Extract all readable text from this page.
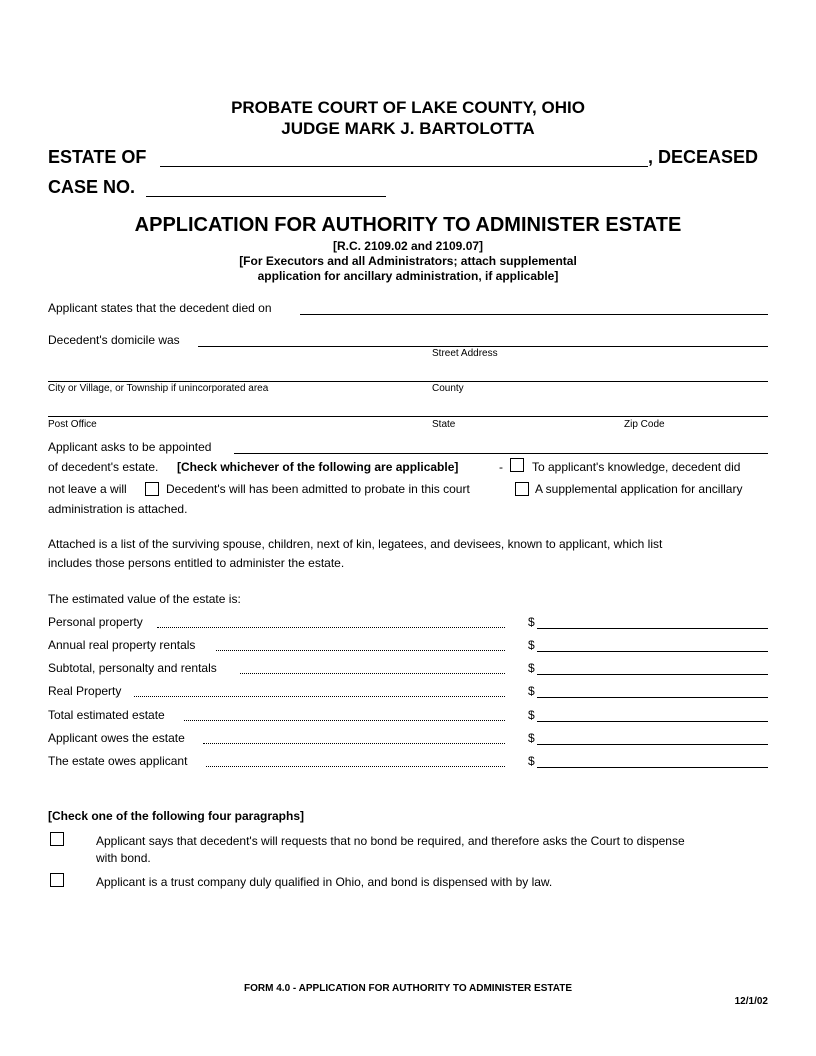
PROBATE COURT OF LAKE COUNTY, OHIO
JUDGE MARK J. BARTOLOTTA
ESTATE OF	, DECEASED
CASE NO.
APPLICATION FOR AUTHORITY TO ADMINISTER ESTATE
[R.C. 2109.02 and 2109.07]
[For Executors and all Administrators; attach supplemental
application for ancillary administration, if applicable]
Applicant states that the decedent died on
Decedent's domicile was
Street Address
City or Village, or Township if unincorporated area	County
Post Office	State	Zip Code
Applicant asks to be appointed
of decedent's estate. [Check whichever of the following are applicable]	- To applicant's knowledge, decedent did
not leave a will	Decedent's will has been admitted to probate in this court	A supplemental application for ancillary
administration is attached.
Attached is a list of the surviving spouse, children, next of kin, legatees, and devisees, known to applicant, which list
includes those persons entitled to administer the estate.
The estimated value of the estate is:
Personal property	$
Annual real property rentals	$
Subtotal, personalty and rentals	$
Real Property	$
Total estimated estate	$
Applicant owes the estate	$
The estate owes applicant	$
[Check one of the following four paragraphs]
Applicant says that decedent's will requests that no bond be required, and therefore asks the Court to dispense
with bond.
Applicant is a trust company duly qualified in Ohio, and bond is dispensed with by law.
FORM 4.0 - APPLICATION FOR AUTHORITY TO ADMINISTER ESTATE
12/1/02
